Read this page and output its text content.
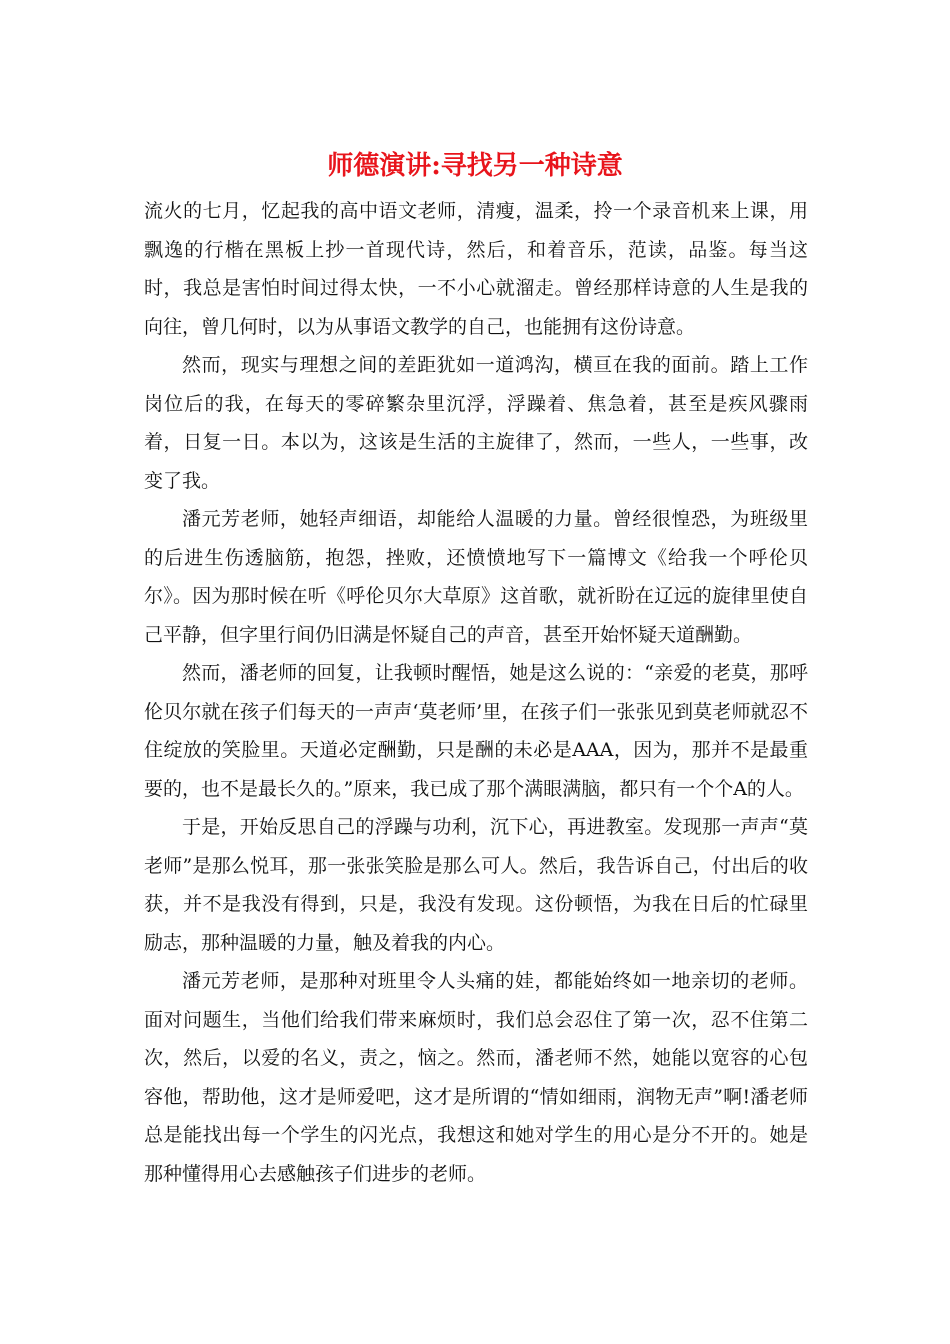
师德演讲:寻找另一种诗意

流火的七月，忆起我的高中语文老师，清瘦，温柔，拎一个录音机来上课，用飘逸的行楷在黑板上抄一首现代诗，然后，和着音乐，范读，品鉴。每当这时，我总是害怕时间过得太快，一不小心就溜走。曾经那样诗意的人生是我的向往，曾几何时，以为从事语文教学的自己，也能拥有这份诗意。

然而，现实与理想之间的差距犹如一道鸿沟，横亘在我的面前。踏上工作岗位后的我，在每天的零碎繁杂里沉浮，浮躁着、焦急着，甚至是疾风骤雨着，日复一日。本以为，这该是生活的主旋律了，然而，一些人，一些事，改变了我。

潘元芳老师，她轻声细语，却能给人温暖的力量。曾经很惶恐，为班级里的后进生伤透脑筋，抱怨，挫败，还愤愤地写下一篇博文《给我一个呼伦贝尔》。因为那时候在听《呼伦贝尔大草原》这首歌，就祈盼在辽远的旋律里使自己平静，但字里行间仍旧满是怀疑自己的声音，甚至开始怀疑天道酬勤。

然而，潘老师的回复，让我顿时醒悟，她是这么说的：“亲爱的老莫，那呼伦贝尔就在孩子们每天的一声声‘莫老师’里，在孩子们一张张见到莫老师就忍不住绽放的笑脸里。天道必定酬勤，只是酬的未必是AAA，因为，那并不是最重要的，也不是最长久的。”原来，我已成了那个满眼满脑，都只有一个个A的人。

于是，开始反思自己的浮躁与功利，沉下心，再进教室。发现那一声声“莫老师”是那么悦耳，那一张张笑脸是那么可人。然后，我告诉自己，付出后的收获，并不是我没有得到，只是，我没有发现。这份顿悟，为我在日后的忙碌里励志，那种温暖的力量，触及着我的内心。

潘元芳老师，是那种对班里令人头痛的娃，都能始终如一地亲切的老师。面对问题生，当他们给我们带来麻烦时，我们总会忍住了第一次，忍不住第二次，然后，以爱的名义，责之，恼之。然而，潘老师不然，她能以宽容的心包容他，帮助他，这才是师爱吧，这才是所谓的“情如细雨，润物无声”啊!潘老师总是能找出每一个学生的闪光点，我想这和她对学生的用心是分不开的。她是那种懂得用心去感触孩子们进步的老师。
